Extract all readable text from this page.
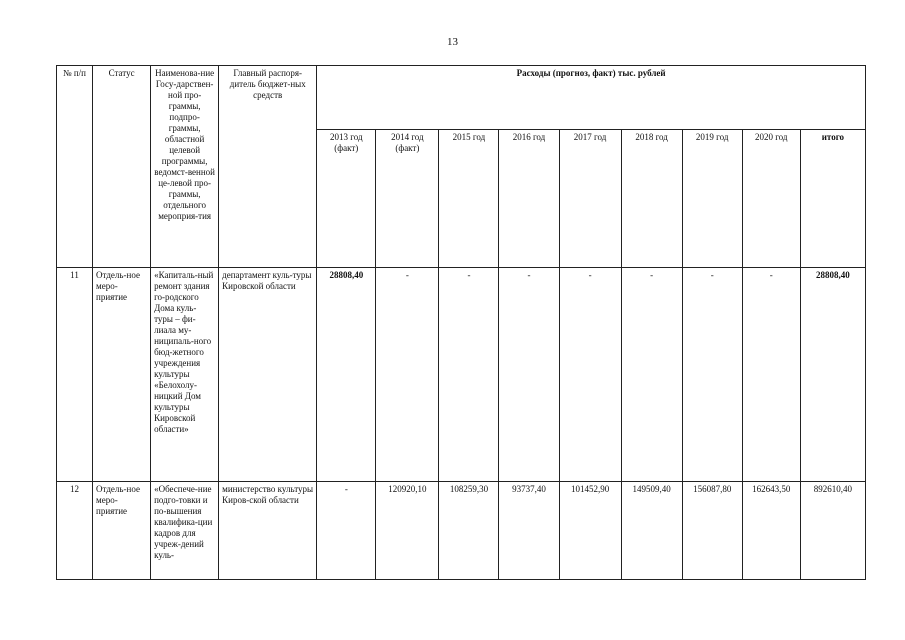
13
№ п/п	Статус	Наименова-ние Госу-дарствен-ной про-граммы, подпро-граммы, областной целевой программы, ведомст-венной це-левой про-граммы, отдельного мероприя-тия	Главный распоря-дитель бюджет-ных средств	Расходы (прогноз, факт) тыс. рублей								
				2013 год (факт)	2014 год (факт)	2015 год	2016 год	2017 год	2018 год	2019 год	2020 год	итого
11	Отдель-ное меро-приятие	«Капиталь-ный ремонт здания го-родского Дома куль-туры – фи-лиала му-ниципаль-ного бюд-жетного учреждения культуры «Белохолу-ницкий Дом культуры Кировской области»	департамент куль-туры Кировской области	28808,40	-	-	-	-	-	-	-	28808,40
12	Отдель-ное меро-приятие	«Обеспече-ние подго-товки и по-вышения квалифика-ции кадров для учреж-дений куль-	министерство культуры Киров-ской области	-	120920,10	108259,30	93737,40	101452,90	149509,40	156087,80	162643,50	892610,40
